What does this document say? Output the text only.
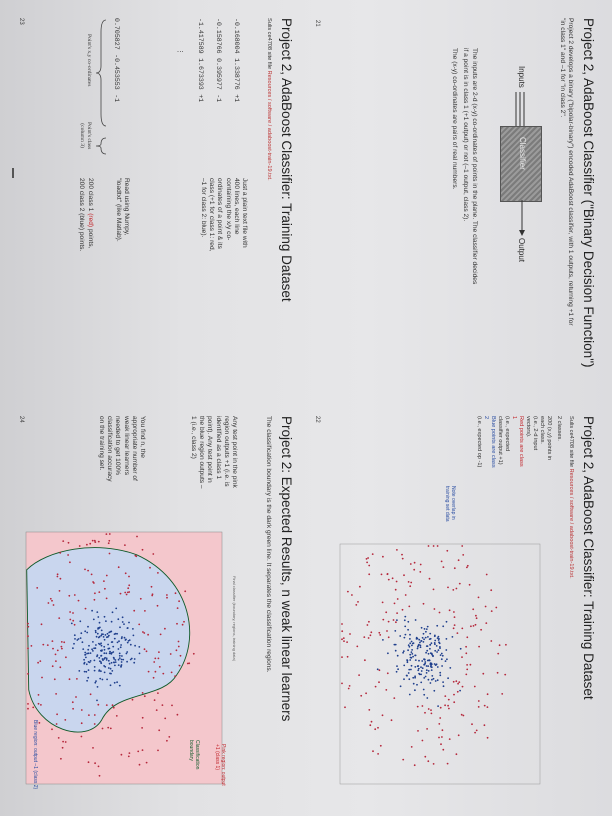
Project 2, AdaBoost Classifier ("Binary Decision Function")
Project 2 develops a binary ("bipolar-binary") encoded AdaBoost classifier, with 1 outputs, returning +1 for "in class 1" and –1 for "in class 2".
Inputs
Classifier
Output
The inputs are 2-d (x-y) co-ordinates of points in the plane. The classifier decides if a point is in class 1 (+1 output) or not (–1 output, class 2).
The (x-y) co-ordinates are pairs of real numbers.
21
Project 2, AdaBoost Classifier: Training Dataset
Sulis ce4708 site file Resources / software / adaboost-train-19.txt.
2 classes.
200 (x,y) points in each class.
(i.e., 2-d input vectors).
Red points are class 1
(i.e., expected classifier output +1)
Blue points are class 2
(i.e., expected op -1)
Note overlap in training set data
22
Project 2, AdaBoost Classifier: Training Dataset
Sulis ce4708 site file Resources / software / adaboost-train-19.txt.
-0.168004 1.338776 +1
-0.158766 0.395977 -1
-1.417589 1.673393 +1
⋮
0.705827 -0.453553 -1
Point's x,y co-ordinates
Point's class
(column 3)
Just a plain text file with 400 lines, each line containing the x/y co-ordinates of a point & its class (+1 for class 1: red, –1 for class 2: blue).
Read using Numpy, "loadtxt" (like Matlab).
200 class 1 (red) points,
200 class 2 (blue) points.
23
Project 2: Expected Results, n weak linear learners
The classification boundary is the dark green line. It separates the classification regions.
Any test point in the pink region outputs +1 (i.e. is identified as a class 1 point). Any test point in the blue region outputs –1 (i.e., class 2)
You find n, the appropriate number of weak linear learners needed to get 100% classification accuracy on the training set.
Final classifier (boundary, regions, training data)
Pink region: output +1 (class 1)
Classification boundary
Blue region: output –1 (class 2)
24
